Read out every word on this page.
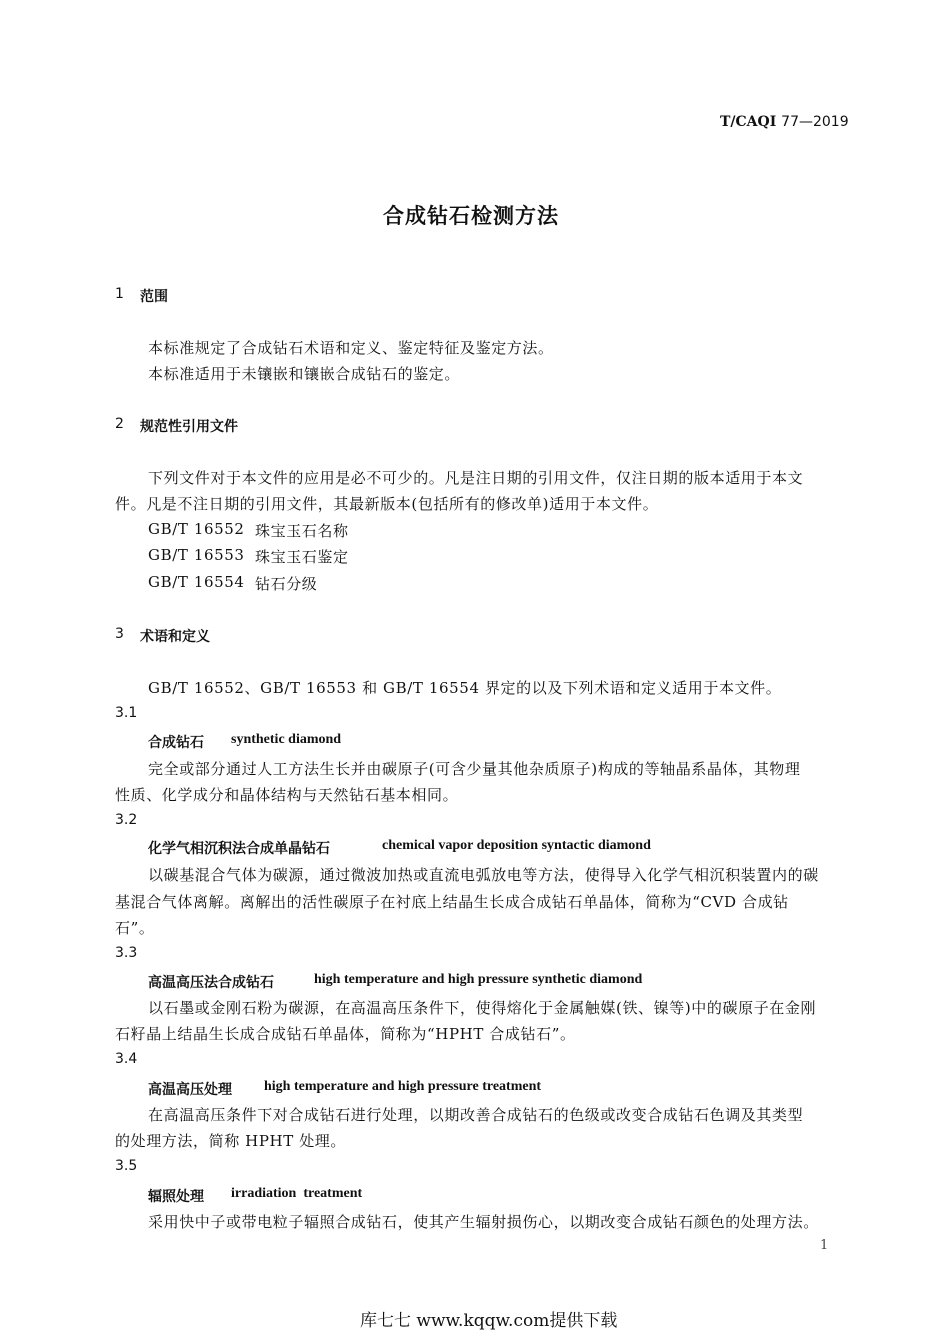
T/CAQI 77—2019
合成钻石检测方法
1 范围
本标准规定了合成钻石术语和定义、鉴定特征及鉴定方法。
本标准适用于未镶嵌和镶嵌合成钻石的鉴定。
2 规范性引用文件
下列文件对于本文件的应用是必不可少的。凡是注日期的引用文件，仅注日期的版本适用于本文
件。凡是不注日期的引用文件，其最新版本(包括所有的修改单)适用于本文件。
GB/T 16552 珠宝玉石名称
GB/T 16553 珠宝玉石鉴定
GB/T 16554 钻石分级
3 术语和定义
GB/T 16552、GB/T 16553 和 GB/T 16554 界定的以及下列术语和定义适用于本文件。
3.1
合成钻石 synthetic diamond
完全或部分通过人工方法生长并由碳原子(可含少量其他杂质原子)构成的等轴晶系晶体，其物理
性质、化学成分和晶体结构与天然钻石基本相同。
3.2
化学气相沉积法合成单晶钻石	chemical vapor deposition syntactic diamond
以碳基混合气体为碳源，通过微波加热或直流电弧放电等方法，使得导入化学气相沉积装置内的碳
基混合气体离解。离解出的活性碳原子在衬底上结晶生长成合成钻石单晶体，简称为“CVD 合成钻
石”。
3.3
高温高压法合成钻石	high temperature and high pressure synthetic diamond
以石墨或金刚石粉为碳源，在高温高压条件下，使得熔化于金属触媒(铁、镍等)中的碳原子在金刚
石籽晶上结晶生长成合成钻石单晶体，简称为“HPHT 合成钻石”。
3.4
高温高压处理 high temperature and high pressure treatment
在高温高压条件下对合成钻石进行处理，以期改善合成钻石的色级或改变合成钻石色调及其类型
的处理方法，简称 HPHT 处理。
3.5
辐照处理 irradiation  treatment
采用快中子或带电粒子辐照合成钻石，使其产生辐射损伤心，以期改变合成钻石颜色的处理方法。
1
库七七 www.kqqw.com提供下载
